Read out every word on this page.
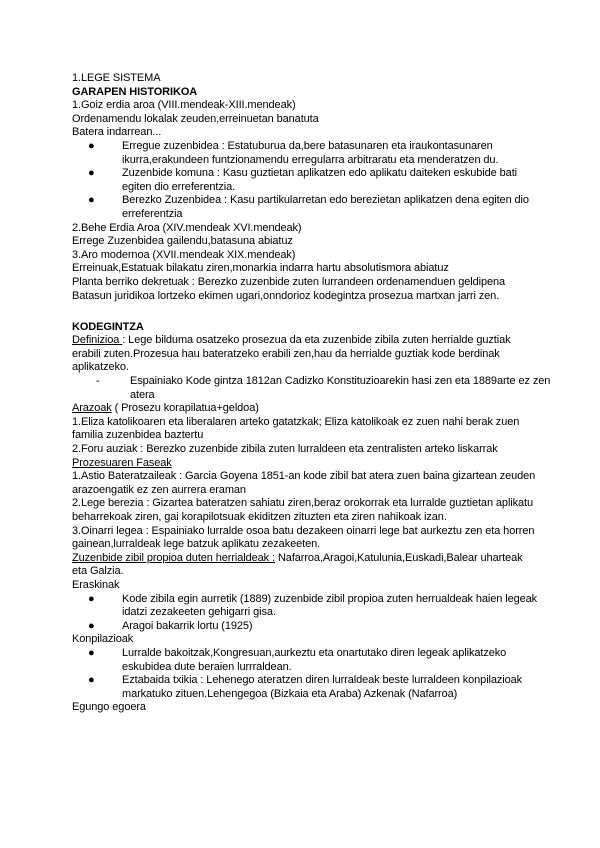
1.LEGE SISTEMA
GARAPEN HISTORIKOA
1.Goiz erdia aroa (VIII.mendeak-XIII.mendeak)
Ordenamendu lokalak zeuden,erreinuetan banatuta
Batera indarrean...
●	Erregue zuzenbidea : Estatuburua da,bere batasunaren eta iraukontasunaren ikurra,erakundeen funtzionamendu erregularra arbitraratu eta menderatzen du.
●	Zuzenbide komuna : Kasu guztietan aplikatzen edo aplikatu daiteken eskubide bati egiten dio erreferentzia.
●	Berezko Zuzenbidea : Kasu partikularretan edo berezietan aplikatzen dena egiten dio erreferentzia
2.Behe Erdia Aroa (XIV.mendeak XVI.mendeak)
Errege Zuzenbidea gailendu,batasuna abiatuz
3.Aro modernoa (XVII.mendeak XIX.mendeak)
Erreinuak,Estatuak bilakatu ziren,monarkia indarra hartu absolutismora abiatuz
Planta berriko dekretuak : Berezko zuzenbide zuten lurrandeen ordenamenduen geldipena
Batasun juridikoa lortzeko ekimen ugari,onndorioz kodegintza prosezua martxan jarri zen.
KODEGINTZA
Definizioa : Lege bilduma osatzeko prosezua da eta zuzenbide zibila zuten herrialde guztiak erabili zuten.Prozesua hau bateratzeko erabili zen,hau da herrialde guztiak kode berdinak aplikatzeko.
-	Espainiako Kode gintza 1812an Cadizko Konstituzioarekin hasi zen eta 1889arte ez zen atera
Arazoak ( Prosezu korapilatua+geldoa)
1.Eliza katolikoaren eta liberalaren arteko gatatzkak; Eliza katolikoak ez zuen nahi berak zuen familia zuzenbidea baztertu
2.Foru auziak : Berezko zuzenbide zibila zuten lurraldeen eta zentralisten arteko liskarrak
Prozesuaren Faseak
1.Astio Bateratzaileak : Garcia Goyena 1851-an kode zibil bat atera zuen baina gizartean zeuden arazoengatik ez zen aurrera eraman
2.Lege berezia : Gizartea bateratzen sahiatu ziren,beraz orokorrak eta lurralde guztietan aplikatu beharrekoak ziren, gai korapilotsuak ekiditzen zituzten eta ziren nahikoak izan.
3.Oinarri legea : Espainiako lurralde osoa batu dezakeen oinarri lege bat aurkeztu zen eta horren gainean,lurraldeak lege batzuk aplikatu zezakeeten.
Zuzenbide zibil propioa duten herrialdeak : Nafarroa,Aragoi,Katulunia,Euskadi,Balear uharteak eta Galzia.
Eraskinak
●	Kode zibila egin aurretik (1889) zuzenbide zibil propioa zuten herrualdeak haien legeak idatzi zezakeeten gehigarri gisa.
●	Aragoi bakarrik lortu (1925)
Konpilazioak
●	Lurralde bakoitzak,Kongresuan,aurkeztu eta onartutako diren legeak aplikatzeko eskubidea dute beraien lurrraldean.
●	Eztabaida txikia : Lehenego ateratzen diren lurraldeak beste lurraldeen konpilazioak markatuko zituen.Lehengegoa (Bizkaia eta Araba) Azkenak (Nafarroa)
Egungo egoera
